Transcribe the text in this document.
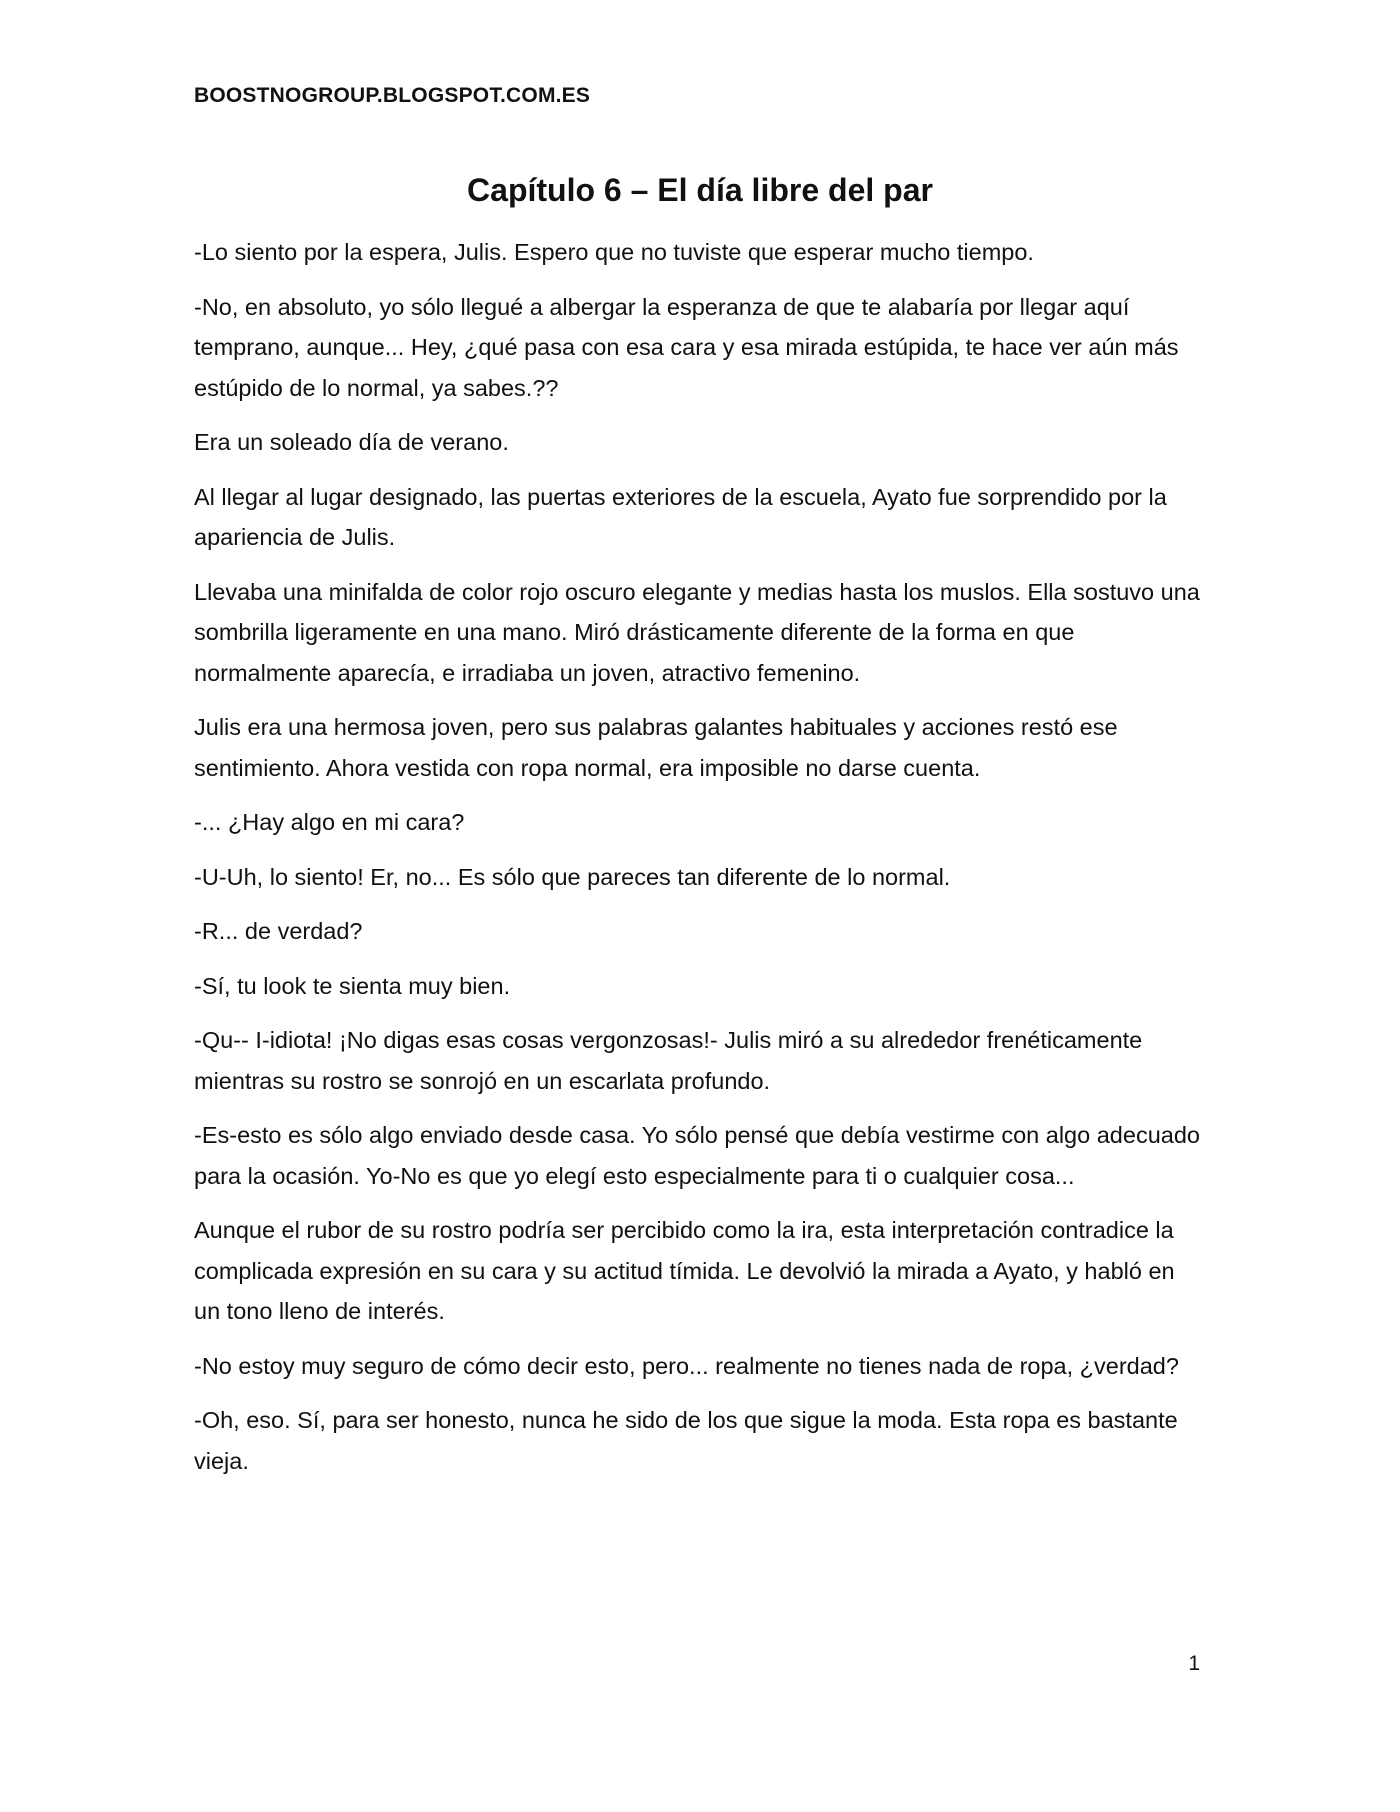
BOOSTNOGROUP.BLOGSPOT.COM.ES
Capítulo 6 – El día libre del par

-Lo siento por la espera, Julis. Espero que no tuviste que esperar mucho tiempo.

-No, en absoluto, yo sólo llegué a albergar la esperanza de que te alabaría por llegar aquí temprano, aunque... Hey, ¿qué pasa con esa cara y esa mirada estúpida, te hace ver aún más estúpido de lo normal, ya sabes.??

Era un soleado día de verano.

Al llegar al lugar designado, las puertas exteriores de la escuela, Ayato fue sorprendido por la apariencia de Julis.

Llevaba una minifalda de color rojo oscuro elegante y medias hasta los muslos. Ella sostuvo una sombrilla ligeramente en una mano. Miró drásticamente diferente de la forma en que normalmente aparecía, e irradiaba un joven, atractivo femenino.

Julis era una hermosa joven, pero sus palabras galantes habituales y acciones restó ese sentimiento. Ahora vestida con ropa normal, era imposible no darse cuenta.

-... ¿Hay algo en mi cara?

-U-Uh, lo siento! Er, no... Es sólo que pareces tan diferente de lo normal.

-R... de verdad?

-Sí, tu look te sienta muy bien.

-Qu-- I-idiota! ¡No digas esas cosas vergonzosas!- Julis miró a su alrededor frenéticamente mientras su rostro se sonrojó en un escarlata profundo.

-Es-esto es sólo algo enviado desde casa. Yo sólo pensé que debía vestirme con algo adecuado para la ocasión. Yo-No es que yo elegí esto especialmente para ti o cualquier cosa...

Aunque el rubor de su rostro podría ser percibido como la ira, esta interpretación contradice la complicada expresión en su cara y su actitud tímida. Le devolvió la mirada a Ayato, y habló en un tono lleno de interés.

-No estoy muy seguro de cómo decir esto, pero... realmente no tienes nada de ropa, ¿verdad?

-Oh, eso. Sí, para ser honesto, nunca he sido de los que sigue la moda. Esta ropa es bastante vieja.

1
